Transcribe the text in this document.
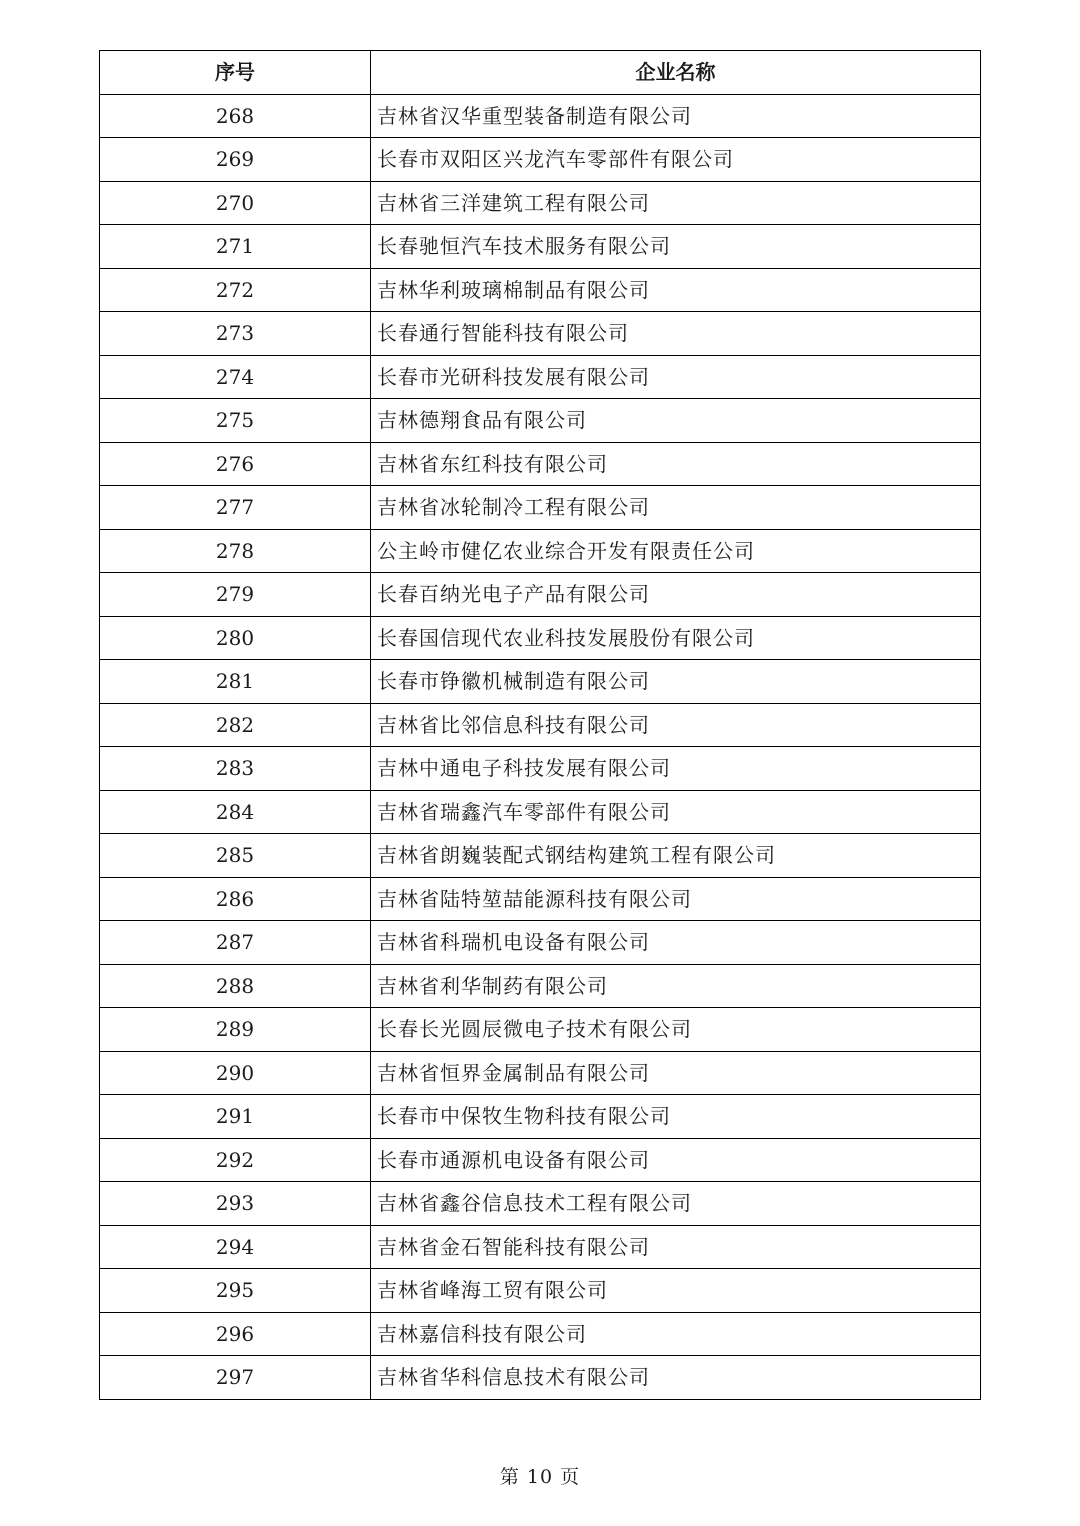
序号	企业名称
268	吉林省汉华重型装备制造有限公司
269	长春市双阳区兴龙汽车零部件有限公司
270	吉林省三洋建筑工程有限公司
271	长春驰恒汽车技术服务有限公司
272	吉林华利玻璃棉制品有限公司
273	长春通行智能科技有限公司
274	长春市光研科技发展有限公司
275	吉林德翔食品有限公司
276	吉林省东红科技有限公司
277	吉林省冰轮制冷工程有限公司
278	公主岭市健亿农业综合开发有限责任公司
279	长春百纳光电子产品有限公司
280	长春国信现代农业科技发展股份有限公司
281	长春市铮徽机械制造有限公司
282	吉林省比邻信息科技有限公司
283	吉林中通电子科技发展有限公司
284	吉林省瑞鑫汽车零部件有限公司
285	吉林省朗巍装配式钢结构建筑工程有限公司
286	吉林省陆特堃喆能源科技有限公司
287	吉林省科瑞机电设备有限公司
288	吉林省利华制药有限公司
289	长春长光圆辰微电子技术有限公司
290	吉林省恒界金属制品有限公司
291	长春市中保牧生物科技有限公司
292	长春市通源机电设备有限公司
293	吉林省鑫谷信息技术工程有限公司
294	吉林省金石智能科技有限公司
295	吉林省峰海工贸有限公司
296	吉林嘉信科技有限公司
297	吉林省华科信息技术有限公司
第 10 页
